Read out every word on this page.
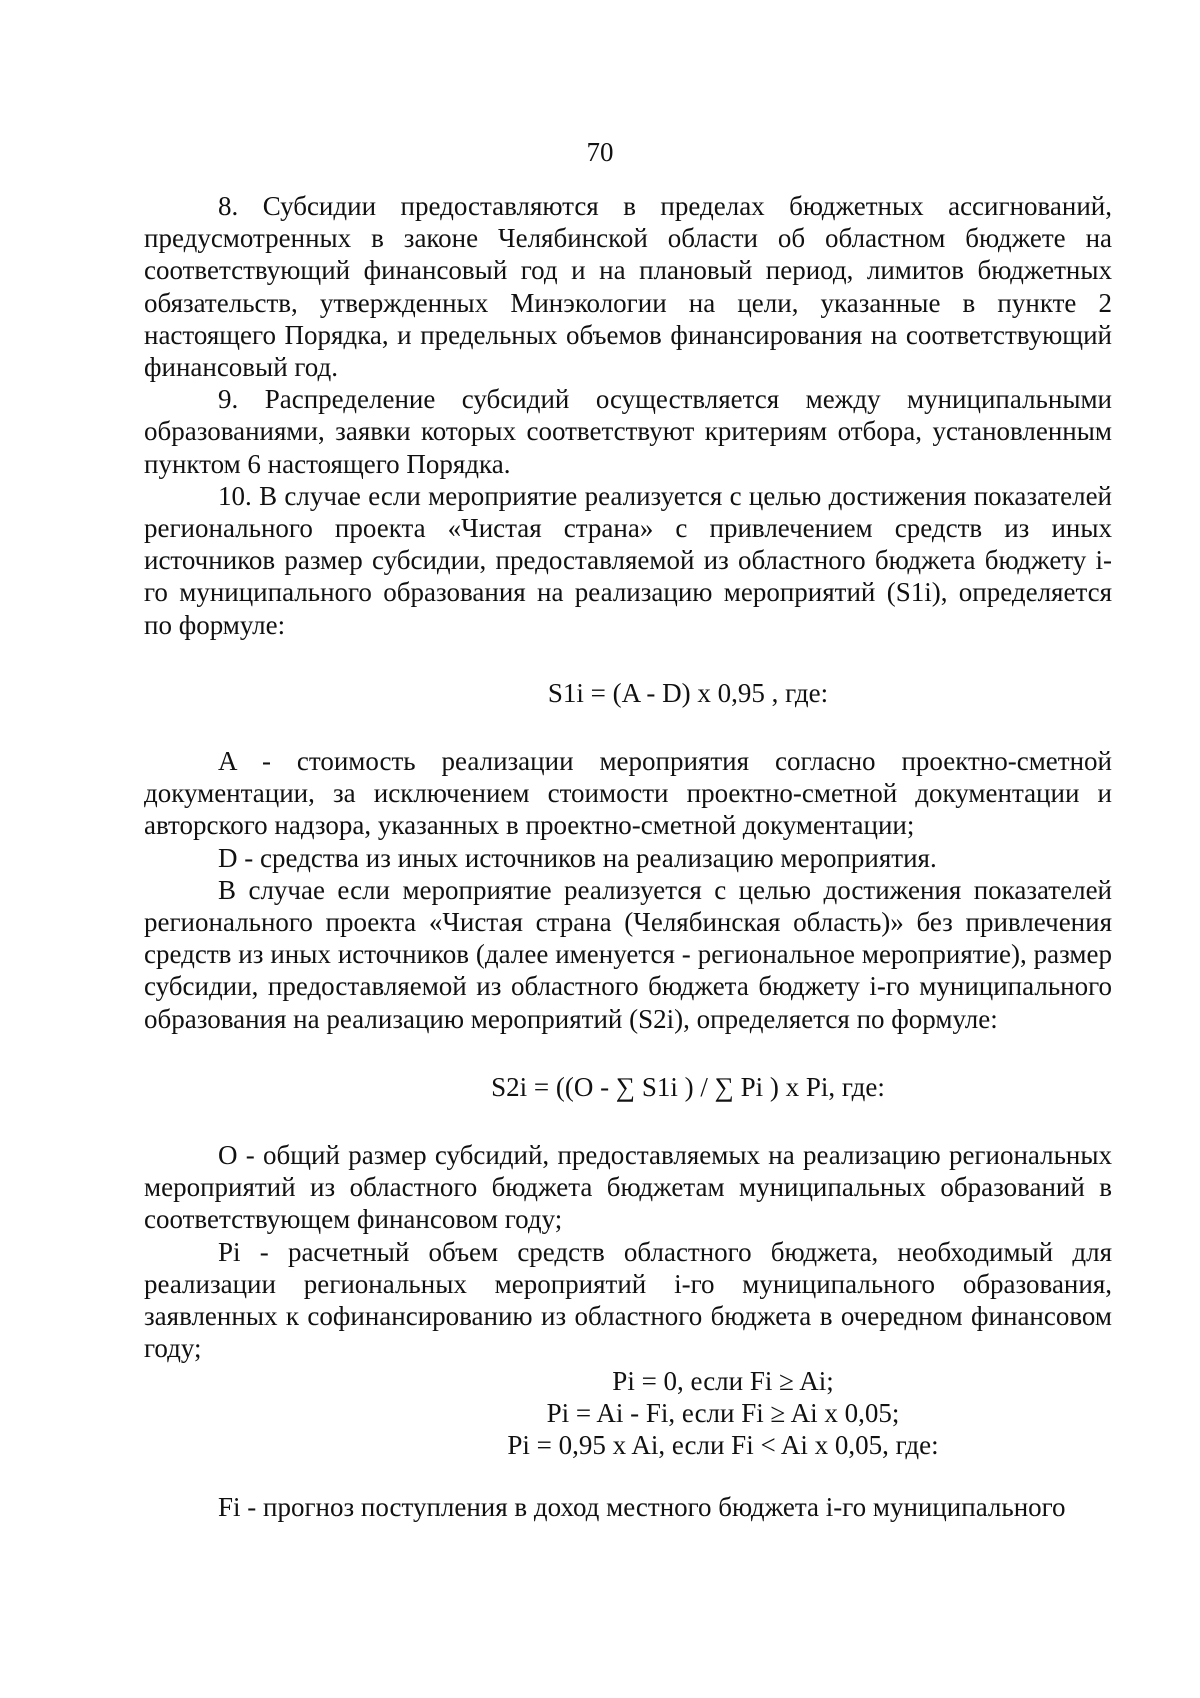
70

8. Субсидии предоставляются в пределах бюджетных ассигнований, предусмотренных в законе Челябинской области об областном бюджете на соответствующий финансовый год и на плановый период, лимитов бюджетных обязательств, утвержденных Минэкологии на цели, указанные в пункте 2 настоящего Порядка, и предельных объемов финансирования на соответствующий финансовый год.

9. Распределение субсидий осуществляется между муниципальными образованиями, заявки которых соответствуют критериям отбора, установленным пунктом 6 настоящего Порядка.

10. В случае если мероприятие реализуется с целью достижения показателей регионального проекта «Чистая страна» с привлечением средств из иных источников размер субсидии, предоставляемой из областного бюджета бюджету i-го муниципального образования на реализацию мероприятий (S1i), определяется по формуле:

S1i = (A - D) x 0,95 , где:

A - стоимость реализации мероприятия согласно проектно-сметной документации, за исключением стоимости проектно-сметной документации и авторского надзора, указанных в проектно-сметной документации;

D - средства из иных источников на реализацию мероприятия.

В случае если мероприятие реализуется с целью достижения показателей регионального проекта «Чистая страна (Челябинская область)» без привлечения средств из иных источников (далее именуется - региональное мероприятие), размер субсидии, предоставляемой из областного бюджета бюджету i-го муниципального образования на реализацию мероприятий (S2i), определяется по формуле:

S2i = ((O - ∑ S1i ) / ∑ Pi ) x Pi, где:

O - общий размер субсидий, предоставляемых на реализацию региональных мероприятий из областного бюджета бюджетам муниципальных образований в соответствующем финансовом году;

Pi - расчетный объем средств областного бюджета, необходимый для реализации региональных мероприятий i-го муниципального образования, заявленных к софинансированию из областного бюджета в очередном финансовом году;

Pi = 0, если Fi ≥ Ai;
Pi = Ai - Fi, если Fi ≥ Ai x 0,05;
Pi = 0,95 x Ai, если Fi < Ai x 0,05, где:

Fi - прогноз поступления в доход местного бюджета i-го муниципального
